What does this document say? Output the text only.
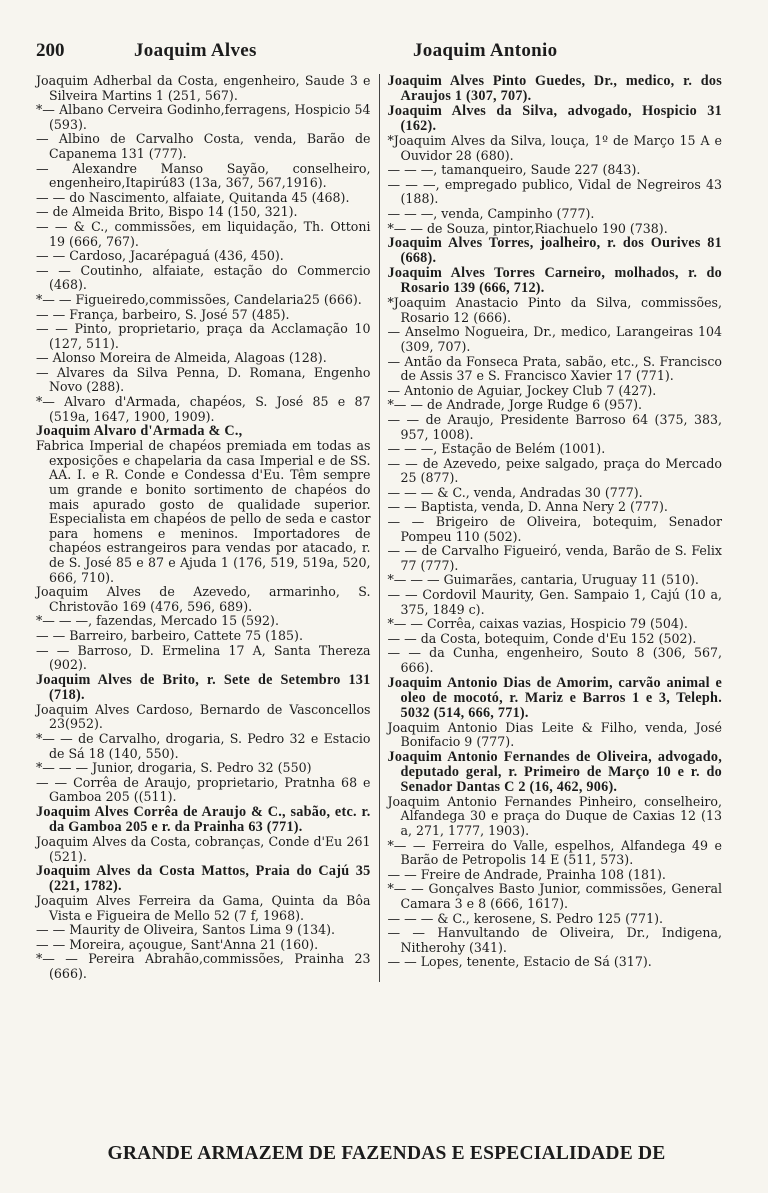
200	Joaquim Alves	Joaquim Antonio

Joaquim Adherbal da Costa, engenheiro, Saude 3 e Silveira Martins 1 (251, 567).

*— Albano Cerveira Godinho,ferragens, Hospicio 54 (593).

— Albino de Carvalho Costa, venda, Barão de Capanema 131 (777).

— Alexandre Manso Sayão, conselheiro, engenheiro,Itapirú83 (13a, 367, 567,1916).

— — do Nascimento, alfaiate, Quitanda 45 (468).

— de Almeida Brito, Bispo 14 (150, 321).

— — & C., commissões, em liquidação, Th. Ottoni 19 (666, 767).

— — Cardoso, Jacarépaguá (436, 450).

— — Coutinho, alfaiate, estação do Commercio (468).

*— — Figueiredo,commissões, Candelaria25 (666).

— — França, barbeiro, S. José 57 (485).

— — Pinto, proprietario, praça da Acclamação 10 (127, 511).

— Alonso Moreira de Almeida, Alagoas (128).

— Alvares da Silva Penna, D. Romana, Engenho Novo (288).

*— Alvaro d'Armada, chapéos, S. José 85 e 87 (519a, 1647, 1900, 1909).

Joaquim Alvaro d'Armada & C.,

Fabrica Imperial de chapéos premiada em todas as exposições e chapelaria da casa Imperial e de SS. AA. I. e R. Conde e Condessa d'Eu. Têm sempre um grande e bonito sortimento de chapéos do mais apurado gosto de qualidade superior. Especialista em chapéos de pello de seda e castor para homens e meninos. Importadores de chapéos estrangeiros para vendas por atacado, r. de S. José 85 e 87 e Ajuda 1 (176, 519, 519a, 520, 666, 710).

Joaquim Alves de Azevedo, armarinho, S. Christovão 169 (476, 596, 689).

*— — —, fazendas, Mercado 15 (592).

— — Barreiro, barbeiro, Cattete 75 (185).

— — Barroso, D. Ermelina 17 A, Santa Thereza (902).

Joaquim Alves de Brito, r. Sete de Setembro 131 (718).

Joaquim Alves Cardoso, Bernardo de Vasconcellos 23(952).

*— — de Carvalho, drogaria, S. Pedro 32 e Estacio de Sá 18 (140, 550).

*— — — Junior, drogaria, S. Pedro 32 (550)

— — Corrêa de Araujo, proprietario, Pratnha 68 e Gamboa 205 ((511).

Joaquim Alves Corrêa de Araujo & C., sabão, etc. r. da Gamboa 205 e r. da Prainha 63 (771).

Joaquim Alves da Costa, cobranças, Conde d'Eu 261 (521).

Joaquim Alves da Costa Mattos, Praia do Cajú 35 (221, 1782).

Joaquim Alves Ferreira da Gama, Quinta da Bôa Vista e Figueira de Mello 52 (7 f, 1968).

— — Maurity de Oliveira, Santos Lima 9 (134).

— — Moreira, açougue, Sant'Anna 21 (160).

*— — Pereira Abrahão,commissões, Prainha 23 (666).

Joaquim Alves Pinto Guedes, Dr., medico, r. dos Araujos 1 (307, 707).

Joaquim Alves da Silva, advogado, Hospicio 31 (162).

*Joaquim Alves da Silva, louça, 1º de Março 15 A e Ouvidor 28 (680).

— — —, tamanqueiro, Saude 227 (843).

— — —, empregado publico, Vidal de Negreiros 43 (188).

— — —, venda, Campinho (777).

*— — de Souza, pintor,Riachuelo 190 (738).

Joaquim Alves Torres, joalheiro, r. dos Ourives 81 (668).

Joaquim Alves Torres Carneiro, molhados, r. do Rosario 139 (666, 712).

*Joaquim Anastacio Pinto da Silva, commissões, Rosario 12 (666).

— Anselmo Nogueira, Dr., medico, Larangeiras 104 (309, 707).

— Antão da Fonseca Prata, sabão, etc., S. Francisco de Assis 37 e S. Francisco Xavier 17 (771).

— Antonio de Aguiar, Jockey Club 7 (427).

*— — de Andrade, Jorge Rudge 6 (957).

— — de Araujo, Presidente Barroso 64 (375, 383, 957, 1008).

— — —, Estação de Belém (1001).

— — de Azevedo, peixe salgado, praça do Mercado 25 (877).

— — — & C., venda, Andradas 30 (777).

— — Baptista, venda, D. Anna Nery 2 (777).

— — Brigeiro de Oliveira, botequim, Senador Pompeu 110 (502).

— — de Carvalho Figueiró, venda, Barão de S. Felix 77 (777).

*— — — Guimarães, cantaria, Uruguay 11 (510).

— — Cordovil Maurity, Gen. Sampaio 1, Cajú (10 a, 375, 1849 c).

*— — Corrêa, caixas vazias, Hospicio 79 (504).

— — da Costa, botequim, Conde d'Eu 152 (502).

— — da Cunha, engenheiro, Souto 8 (306, 567, 666).

Joaquim Antonio Dias de Amorim, carvão animal e oleo de mocotó, r. Mariz e Barros 1 e 3, Teleph. 5032 (514, 666, 771).

Joaquim Antonio Dias Leite & Filho, venda, José Bonifacio 9 (777).

Joaquim Antonio Fernandes de Oliveira, advogado, deputado geral, r. Primeiro de Março 10 e r. do Senador Dantas C 2 (16, 462, 906).

Joaquim Antonio Fernandes Pinheiro, conselheiro, Alfandega 30 e praça do Duque de Caxias 12 (13 a, 271, 1777, 1903).

*— — Ferreira do Valle, espelhos, Alfandega 49 e Barão de Petropolis 14 E (511, 573).

— — Freire de Andrade, Prainha 108 (181).

*— — Gonçalves Basto Junior, commissões, General Camara 3 e 8 (666, 1617).

— — — & C., kerosene, S. Pedro 125 (771).

— — Hanvultando de Oliveira, Dr., Indigena, Nitherohy (341).

— — Lopes, tenente, Estacio de Sá (317).

GRANDE ARMAZEM DE FAZENDAS E ESPECIALIDADE DE
